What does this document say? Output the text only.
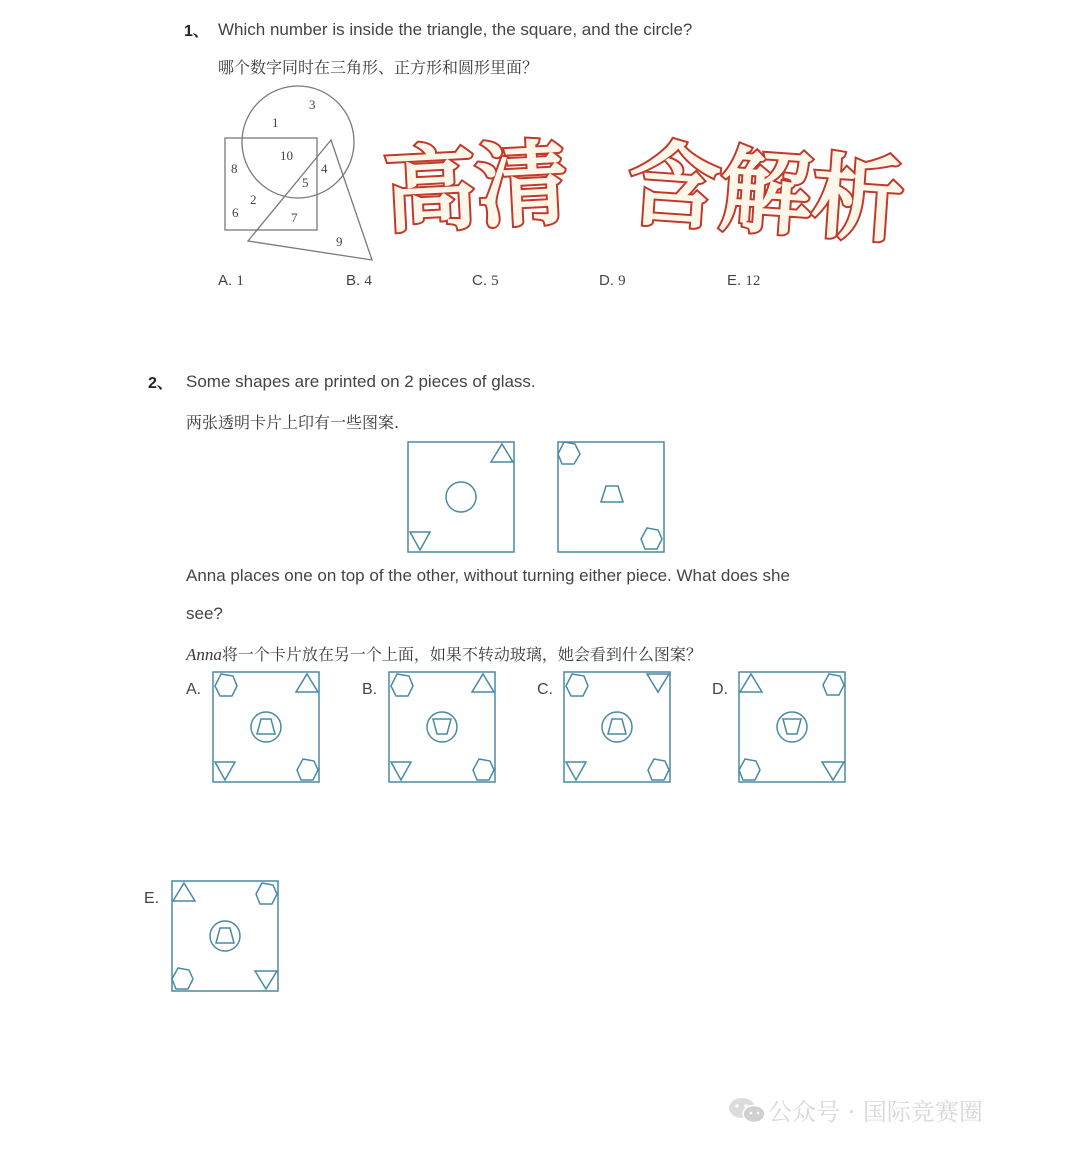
1、 Which number is inside the triangle, the square, and the circle?
哪个数字同时在三角形、正方形和圆形里面？
3
1
10
4
5
8
2
6	7
9 高清 含解析
A. 1	B. 4	C. 5	D. 9	E. 12
2、 Some shapes are printed on 2 pieces of glass.
两张透明卡片上印有一些图案.
Anna places one on top of the other, without turning either piece. What does she
see?
Anna将一个卡片放在另一个上面，如果不转动玻璃，她会看到什么图案？
A.	B.	C.	D.
E.
公众号 · 国际竞赛圈
